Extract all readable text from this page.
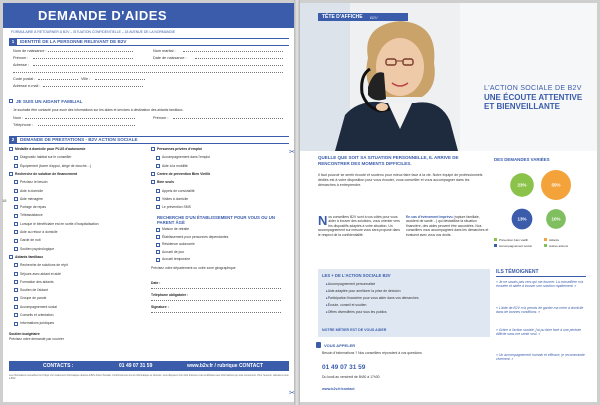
DEMANDE D'AIDES
FORMULAIRE À RETOURNER À B2V – SITUATION CONFIDENTIELLE – 18 AVENUE DE LA NORMANDIE
1	IDENTITÉ DE LA PERSONNE RELEVANT DE B2V
Nom de naissance :
Prénom :
Adresse :
Code postal :	Ville :
Adresse e-mail :
Nom marital :
Date de naissance :
JE SUIS UN AIDANT FAMILIAL
Je souhaite être contacté pour avoir des informations sur les aides et services à destination des aidants familiaux.
Nom :	Prénom :
Téléphone :
2	DEMANDE DE PRESTATIONS - B2V ACTION SOCIALE
Médaille à domicile pour PLUS d'autonomie
Diagnostic habitat sur le conseiller
Équipement (barre d'appui, siège de douche…)
Recherche de solution de financement
Précisez le besoin
Aide à domicile
Aide ménagère
Portage de repas
Téléassistance
Lorsque le bénéficiaire est en sortie d'hospitalisation
Aide au retour à domicile
Garde de nuit
Soutien psychologique
Aidants familiaux
Recherche de solutions de répit
Séjours avec aidant et aidé
Formation des aidants
Soutien de l'aidant
Groupe de parole
Accompagnement social
Conseils et orientation
Informations juridiques
Soutien budgétaire
Précisez votre demande par courrier
Personnes privées d'emploi
Accompagnement dans l'emploi
Aide à la mobilité
Centre de prévention Bien Vieillir
Bien seuls
Appels de convivialité
Visites à domicile
Le prévention SMS
RECHERCHE D'UN ÉTABLISSEMENT POUR VOUS OU UN PARENT ÂGÉ
Maison de retraite
Établissement pour personnes dépendantes
Résidence autonomie
Accueil de jour
Accueil temporaire
Précisez votre département ou votre zone géographique
Date :
Téléphone obligatoire :
Signature :
CONTACTS :	01 49 07 31 59	www.b2v.fr / rubrique CONTACT
Les informations recueillies font l'objet d'un traitement informatique destiné à B2V Action Sociale. Conformément à la loi Informatique et Libertés, vous disposez d'un droit d'accès et de rectification aux informations qui vous concernent. Pour l'exercer, adressez-vous à B2V.
18
✂
✂
TÊTE D'AFFICHE B2V
L'ACTION SOCIALE DE B2V
UNE ÉCOUTE ATTENTIVE ET BIENVEILLANTE
QUELLE QUE SOIT SA SITUATION PERSONNELLE, IL ARRIVE DE RENCONTRER DES MOMENTS DIFFICILES.
Il faut pouvoir se sentir écouté et soutenu pour mieux faire face à la vie. Notre équipe de professionnels dédiés est à votre disposition pour vous écouter, vous conseiller et vous accompagner dans les démarches à entreprendre.
Nos conseillers B2V sont à vos côtés pour vous aider à trouver des solutions, vous orienter vers les dispositifs adaptés à votre situation. Un accompagnement sur mesure vous sera proposé dans le respect de la confidentialité.
En cas d'événement imprévu (rupture familiale, accident de santé…) qui déstabilise la situation financière, des aides peuvent être accordées. Nos conseillers vous accompagnent dans les démarches et évaluent avec vous vos droits.
DES DEMANDES VARIÉES
23%	55%
13%	10%
Prévention bien vieillir	Aidants
Accompagnement social	Autres actions
LES + DE L'ACTION SOCIALE B2V
▸ Accompagnement personnalisé
▸ Aide adaptée pour améliorer la prise de décision
▸ Participation financière pour vous aider dans vos démarches
▸ Écoute, conseil et soutien
▸ Offres diversifiées pour tous les publics
NOTRE MÉTIER EST DE VOUS AIDER
VOUS APPELER
Besoin d'informations ? Nos conseillers répondent à vos questions
01 49 07 31 59
Du lundi au vendredi de 8h30 à 17h30
www.b2v.fr/contact
ILS TÉMOIGNENT
« Je ne savais pas vers qui me tourner. La conseillère m'a écoutée et aidée à trouver une solution rapidement. »
« L'aide de B2V m'a permis de garder ma mère à domicile dans de bonnes conditions. »
« Grâce à l'action sociale, j'ai pu faire face à une période difficile sans me sentir seul. »
« Un accompagnement humain et efficace, je recommande vivement. »
